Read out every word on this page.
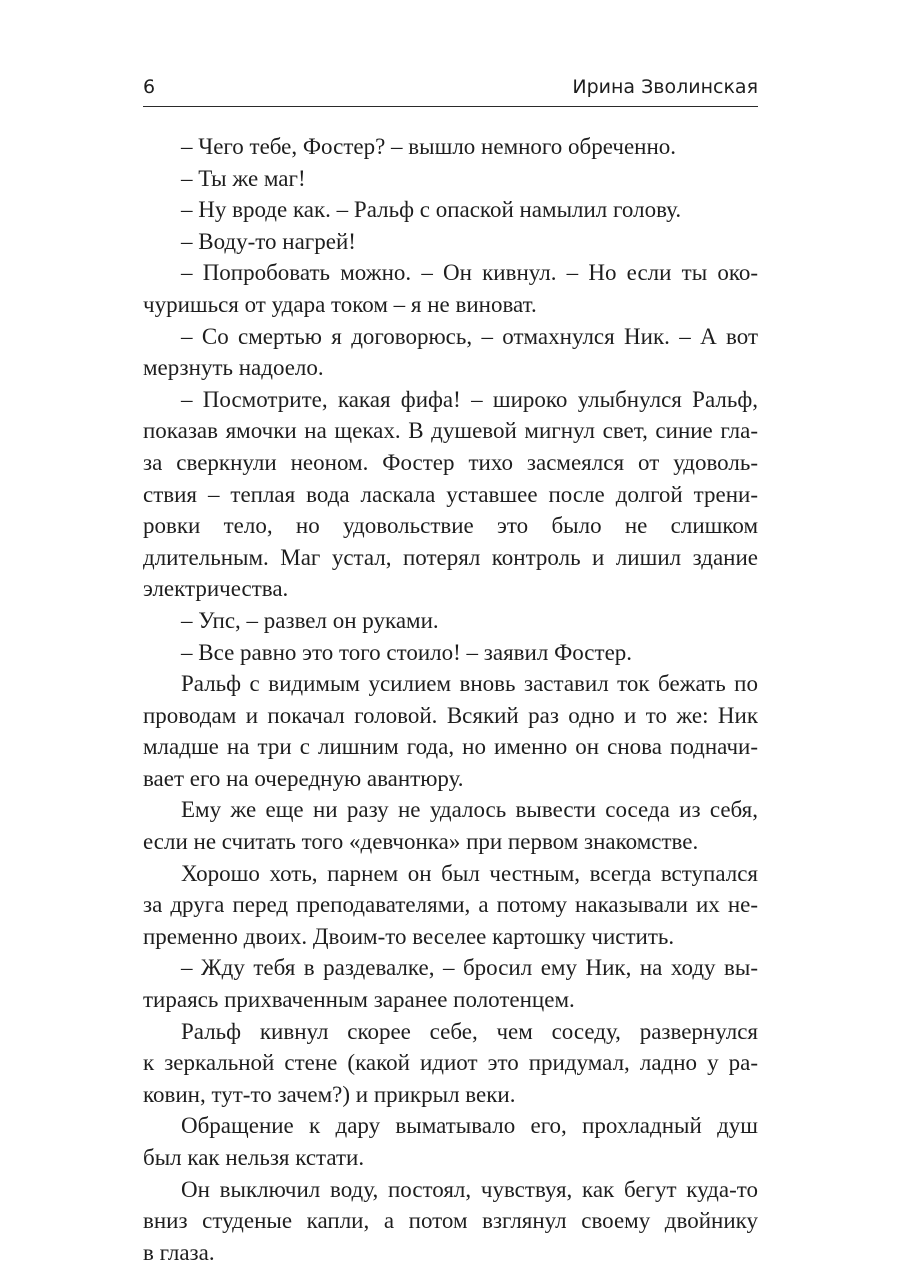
6	Ирина Зволинская
– Чего тебе, Фостер? – вышло немного обреченно.
– Ты же маг!
– Ну вроде как. – Ральф с опаской намылил голову.
– Воду-то нагрей!
– Попробовать можно. – Он кивнул. – Но если ты око-
чуришься от удара током – я не виноват.
– Со смертью я договорюсь, – отмахнулся Ник. – А вот
мерзнуть надоело.
– Посмотрите, какая фифа! – широко улыбнулся Ральф,
показав ямочки на щеках. В душевой мигнул свет, синие гла-
за сверкнули неоном. Фостер тихо засмеялся от удоволь-
ствия – теплая вода ласкала уставшее после долгой трени-
ровки тело, но удовольствие это было не слишком
длительным. Маг устал, потерял контроль и лишил здание
электричества.
– Упс, – развел он руками.
– Все равно это того стоило! – заявил Фостер.
Ральф с видимым усилием вновь заставил ток бежать по
проводам и покачал головой. Всякий раз одно и то же: Ник
младше на три с лишним года, но именно он снова подначи-
вает его на очередную авантюру.
Ему же еще ни разу не удалось вывести соседа из себя,
если не считать того «девчонка» при первом знакомстве.
Хорошо хоть, парнем он был честным, всегда вступался
за друга перед преподавателями, а потому наказывали их не-
пременно двоих. Двоим-то веселее картошку чистить.
– Жду тебя в раздевалке, – бросил ему Ник, на ходу вы-
тираясь прихваченным заранее полотенцем.
Ральф кивнул скорее себе, чем соседу, развернулся
к зеркальной стене (какой идиот это придумал, ладно у ра-
ковин, тут-то зачем?) и прикрыл веки.
Обращение к дару выматывало его, прохладный душ
был как нельзя кстати.
Он выключил воду, постоял, чувствуя, как бегут куда-то
вниз студеные капли, а потом взглянул своему двойнику
в глаза.
